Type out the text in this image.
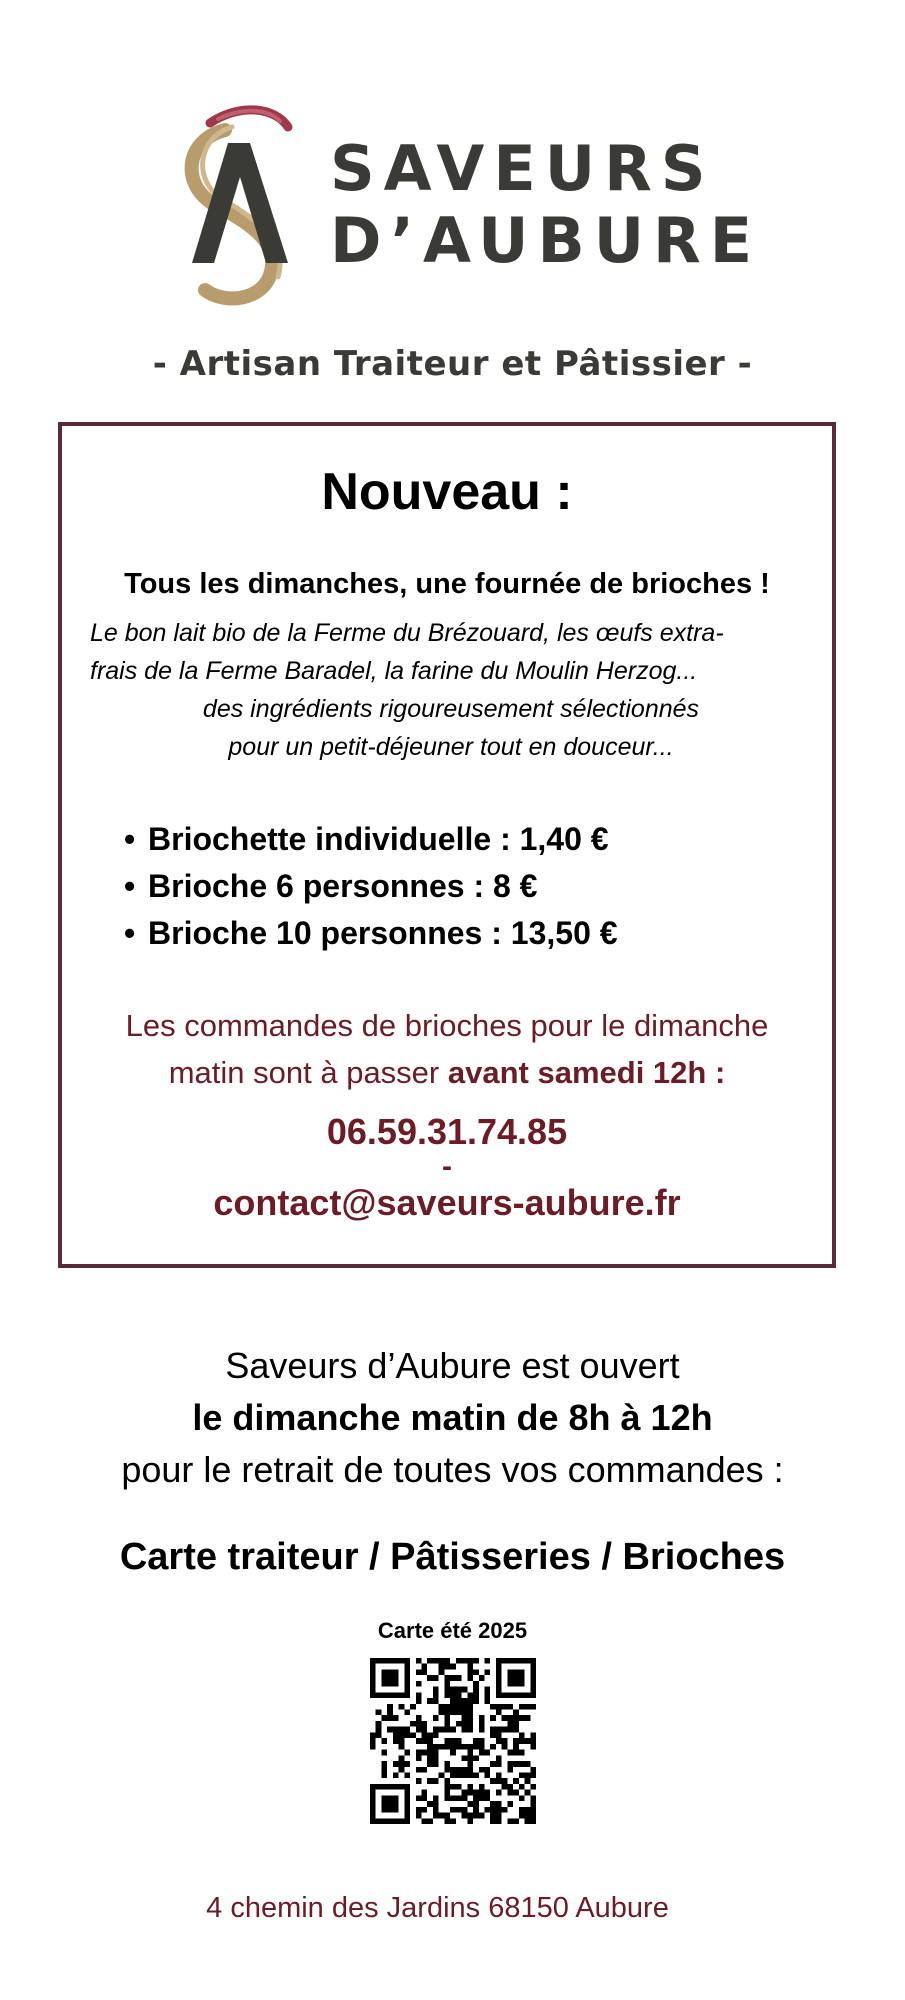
SAVEURS
D’AUBURE
- Artisan Traiteur et Pâtissier -
Nouveau :
Tous les dimanches, une fournée de brioches !
Le bon lait bio de la Ferme du Brézouard, les œufs extra-
frais de la Ferme Baradel, la farine du Moulin Herzog...
des ingrédients rigoureusement sélectionnés
pour un petit-déjeuner tout en douceur...
• Briochette individuelle : 1,40 €
• Brioche 6 personnes : 8 €
• Brioche 10 personnes : 13,50 €
Les commandes de brioches pour le dimanche
matin sont à passer avant samedi 12h :
06.59.31.74.85
-
contact@saveurs-aubure.fr
Saveurs d’Aubure est ouvert
le dimanche matin de 8h à 12h
pour le retrait de toutes vos commandes :
Carte traiteur / Pâtisseries / Brioches
Carte été 2025
4 chemin des Jardins 68150 Aubure
